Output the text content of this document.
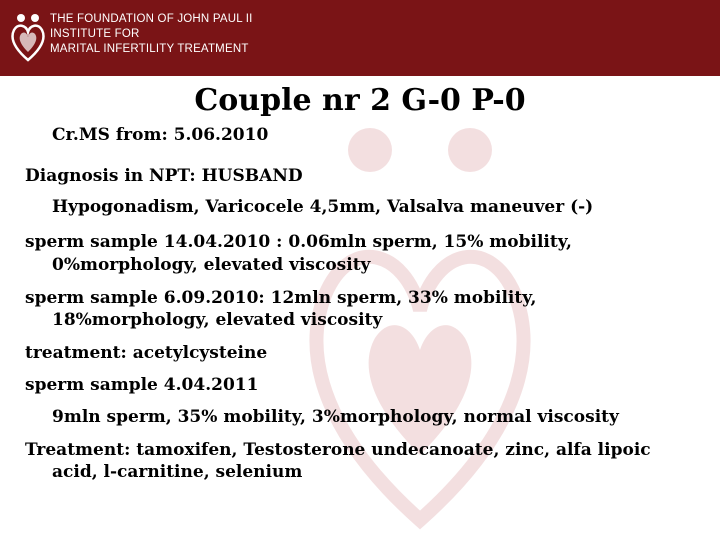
THE FOUNDATION OF JOHN PAUL II
INSTITUTE FOR
MARITAL INFERTILITY TREATMENT
Couple nr 2 G-0 P-0
Cr.MS from: 5.06.2010
Diagnosis in NPT: HUSBAND
Hypogonadism, Varicocele 4,5mm, Valsalva maneuver (-)
sperm sample 14.04.2010 : 0.06mln sperm, 15% mobility,
0%morphology, elevated viscosity
sperm sample 6.09.2010: 12mln sperm, 33% mobility,
18%morphology, elevated viscosity
treatment: acetylcysteine
sperm sample 4.04.2011
9mln sperm, 35% mobility, 3%morphology, normal viscosity
Treatment: tamoxifen, Testosterone undecanoate, zinc, alfa lipoic
acid, l-carnitine, selenium
